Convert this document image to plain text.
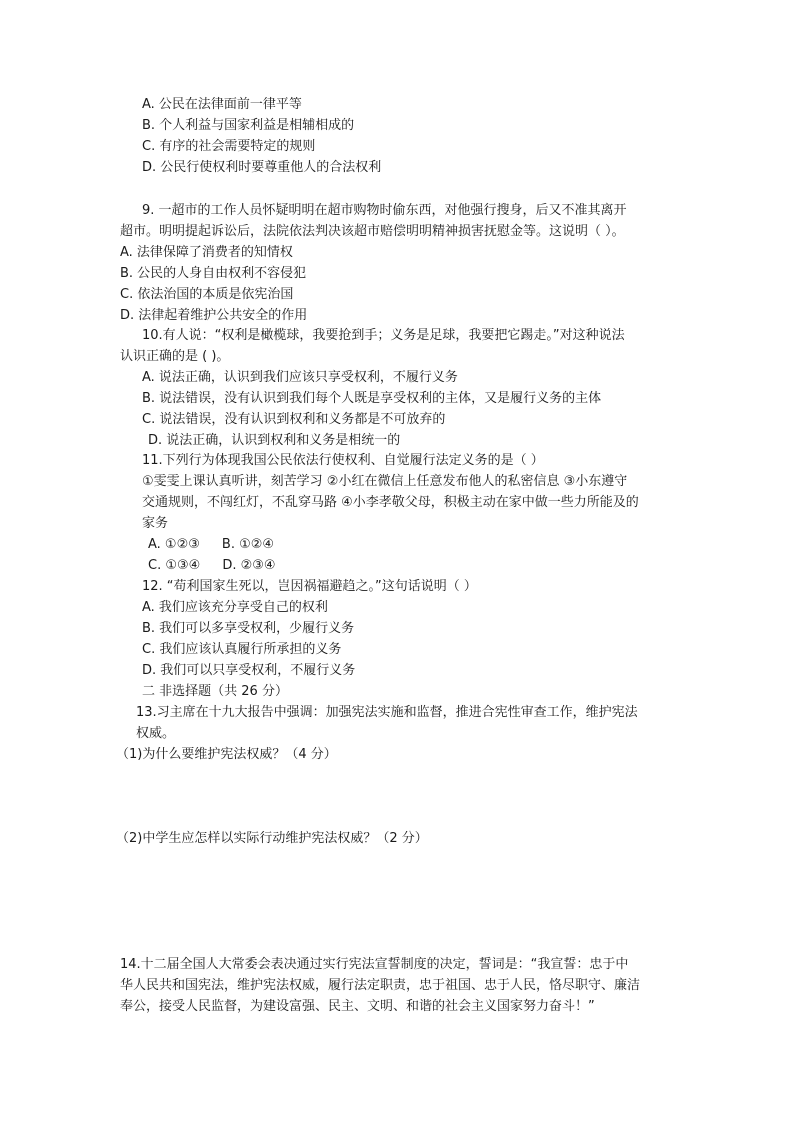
A. 公民在法律面前一律平等
B. 个人利益与国家利益是相辅相成的
C. 有序的社会需要特定的规则
D. 公民行使权利时要尊重他人的合法权利
9. 一超市的工作人员怀疑明明在超市购物时偷东西，对他强行搜身，后又不准其离开
超市。明明提起诉讼后，法院依法判决该超市赔偿明明精神损害抚慰金等。这说明（ ）。
A. 法律保障了消费者的知情权
B. 公民的人身自由权利不容侵犯
C. 依法治国的本质是依宪治国
D. 法律起着维护公共安全的作用
10.有人说：“权利是橄榄球，我要抢到手；义务是足球，我要把它踢走。”对这种说法
认识正确的是 ( )。
A. 说法正确，认识到我们应该只享受权利，不履行义务
B. 说法错误，没有认识到我们每个人既是享受权利的主体，又是履行义务的主体
C. 说法错误，没有认识到权利和义务都是不可放弃的
D. 说法正确，认识到权利和义务是相统一的
11.下列行为体现我国公民依法行使权利、自觉履行法定义务的是（ ）
①雯雯上课认真听讲，刻苦学习 ②小红在微信上任意发布他人的私密信息 ③小东遵守
交通规则，不闯红灯，不乱穿马路 ④小李孝敬父母，积极主动在家中做一些力所能及的
家务
A. ①②③ B. ①②④
C. ①③④ D. ②③④
12. “苟利国家生死以，岂因祸福避趋之。”这句话说明（ ）
A. 我们应该充分享受自己的权利
B. 我们可以多享受权利，少履行义务
C. 我们应该认真履行所承担的义务
D. 我们可以只享受权利，不履行义务
二 非选择题（共 26 分）
13.习主席在十九大报告中强调：加强宪法实施和监督，推进合宪性审查工作，维护宪法
权威。
（1)为什么要维护宪法权威？（4 分）
（2)中学生应怎样以实际行动维护宪法权威？（2 分）
14.十二届全国人大常委会表决通过实行宪法宣誓制度的决定，誓词是：“我宣誓：忠于中
华人民共和国宪法，维护宪法权威，履行法定职责，忠于祖国、忠于人民，恪尽职守、廉洁
奉公，接受人民监督，为建设富强、民主、文明、和谐的社会主义国家努力奋斗！”
